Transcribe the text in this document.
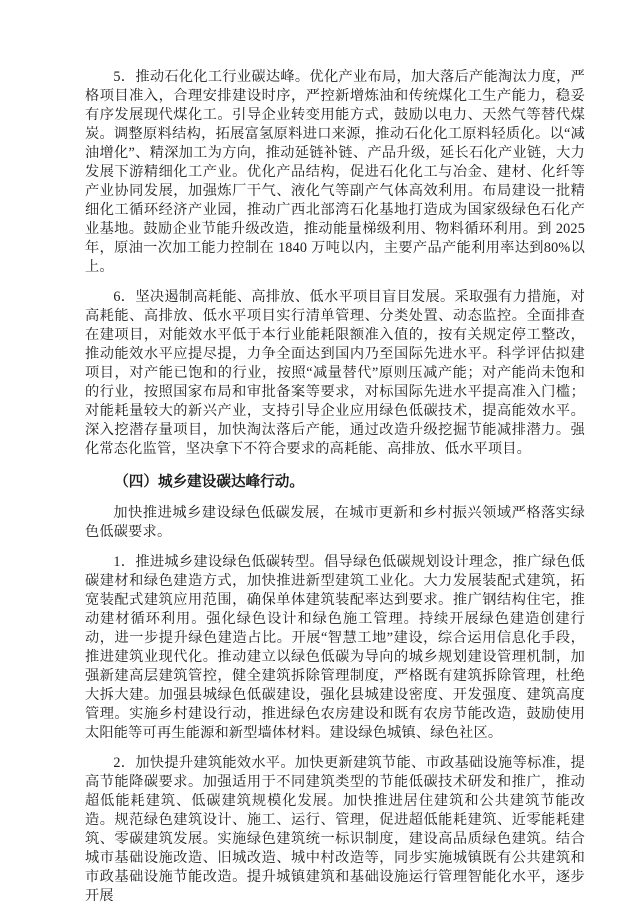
5．推动石化化工行业碳达峰。优化产业布局，加大落后产能淘汰力度，严格项目准入，合理安排建设时序，严控新增炼油和传统煤化工生产能力，稳妥有序发展现代煤化工。引导企业转变用能方式，鼓励以电力、天然气等替代煤炭。调整原料结构，拓展富氢原料进口来源，推动石化化工原料轻质化。以“减油增化”、精深加工为方向，推动延链补链、产品升级，延长石化产业链，大力发展下游精细化工产业。优化产品结构，促进石化化工与冶金、建材、化纤等产业协同发展，加强炼厂干气、液化气等副产气体高效利用。布局建设一批精细化工循环经济产业园，推动广西北部湾石化基地打造成为国家级绿色石化产业基地。鼓励企业节能升级改造，推动能量梯级利用、物料循环利用。到 2025 年，原油一次加工能力控制在 1840 万吨以内，主要产品产能利用率达到80%以上。

6．坚决遏制高耗能、高排放、低水平项目盲目发展。采取强有力措施，对高耗能、高排放、低水平项目实行清单管理、分类处置、动态监控。全面排查在建项目，对能效水平低于本行业能耗限额准入值的，按有关规定停工整改，推动能效水平应提尽提，力争全面达到国内乃至国际先进水平。科学评估拟建项目，对产能已饱和的行业，按照“减量替代”原则压减产能；对产能尚未饱和的行业，按照国家布局和审批备案等要求，对标国际先进水平提高准入门槛；对能耗量较大的新兴产业，支持引导企业应用绿色低碳技术，提高能效水平。深入挖潜存量项目，加快淘汰落后产能，通过改造升级挖掘节能减排潜力。强化常态化监管，坚决拿下不符合要求的高耗能、高排放、低水平项目。

（四）城乡建设碳达峰行动。

加快推进城乡建设绿色低碳发展，在城市更新和乡村振兴领域严格落实绿色低碳要求。

1．推进城乡建设绿色低碳转型。倡导绿色低碳规划设计理念，推广绿色低碳建材和绿色建造方式，加快推进新型建筑工业化。大力发展装配式建筑，拓宽装配式建筑应用范围，确保单体建筑装配率达到要求。推广钢结构住宅，推动建材循环利用。强化绿色设计和绿色施工管理。持续开展绿色建造创建行动，进一步提升绿色建造占比。开展“智慧工地”建设，综合运用信息化手段，推进建筑业现代化。推动建立以绿色低碳为导向的城乡规划建设管理机制，加强新建高层建筑管控，健全建筑拆除管理制度，严格既有建筑拆除管理，杜绝大拆大建。加强县城绿色低碳建设，强化县城建设密度、开发强度、建筑高度管理。实施乡村建设行动，推进绿色农房建设和既有农房节能改造，鼓励使用太阳能等可再生能源和新型墙体材料。建设绿色城镇、绿色社区。

2．加快提升建筑能效水平。加快更新建筑节能、市政基础设施等标准，提高节能降碳要求。加强适用于不同建筑类型的节能低碳技术研发和推广，推动超低能耗建筑、低碳建筑规模化发展。加快推进居住建筑和公共建筑节能改造。规范绿色建筑设计、施工、运行、管理，促进超低能耗建筑、近零能耗建筑、零碳建筑发展。实施绿色建筑统一标识制度，建设高品质绿色建筑。结合城市基础设施改造、旧城改造、城中村改造等，同步实施城镇既有公共建筑和市政基础设施节能改造。提升城镇建筑和基础设施运行管理智能化水平，逐步开展
